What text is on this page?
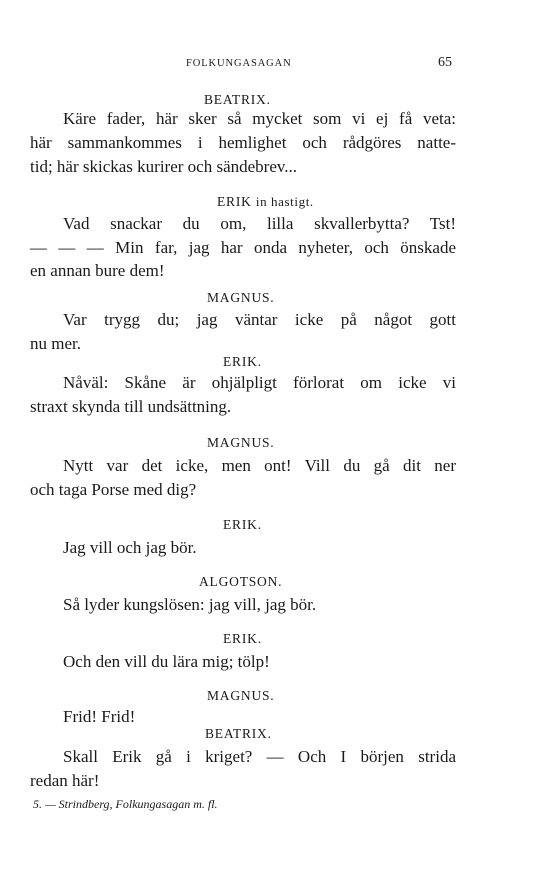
FOLKUNGASAGAN	65
BEATRIX.
Käre fader, här sker så mycket som vi ej få veta:
här sammankommes i hemlighet och rådgöres natte-
tid; här skickas kurirer och sändebrev...
ERIK in hastigt.
Vad snackar du om, lilla skvallerbytta? Tst!
— — — Min far, jag har onda nyheter, och önskade
en annan bure dem!
MAGNUS.
Var trygg du; jag väntar icke på något gott
nu mer.
ERIK.
Nåväl: Skåne är ohjälpligt förlorat om icke vi
straxt skynda till undsättning.
MAGNUS.
Nytt var det icke, men ont! Vill du gå dit ner
och taga Porse med dig?
ERIK.
Jag vill och jag bör.
ALGOTSON.
Så lyder kungslösen: jag vill, jag bör.
ERIK.
Och den vill du lära mig; tölp!
MAGNUS.
Frid! Frid!
BEATRIX.
Skall Erik gå i kriget? — Och I börjen strida
redan här!
5. — Strindberg, Folkungasagan m. fl.
